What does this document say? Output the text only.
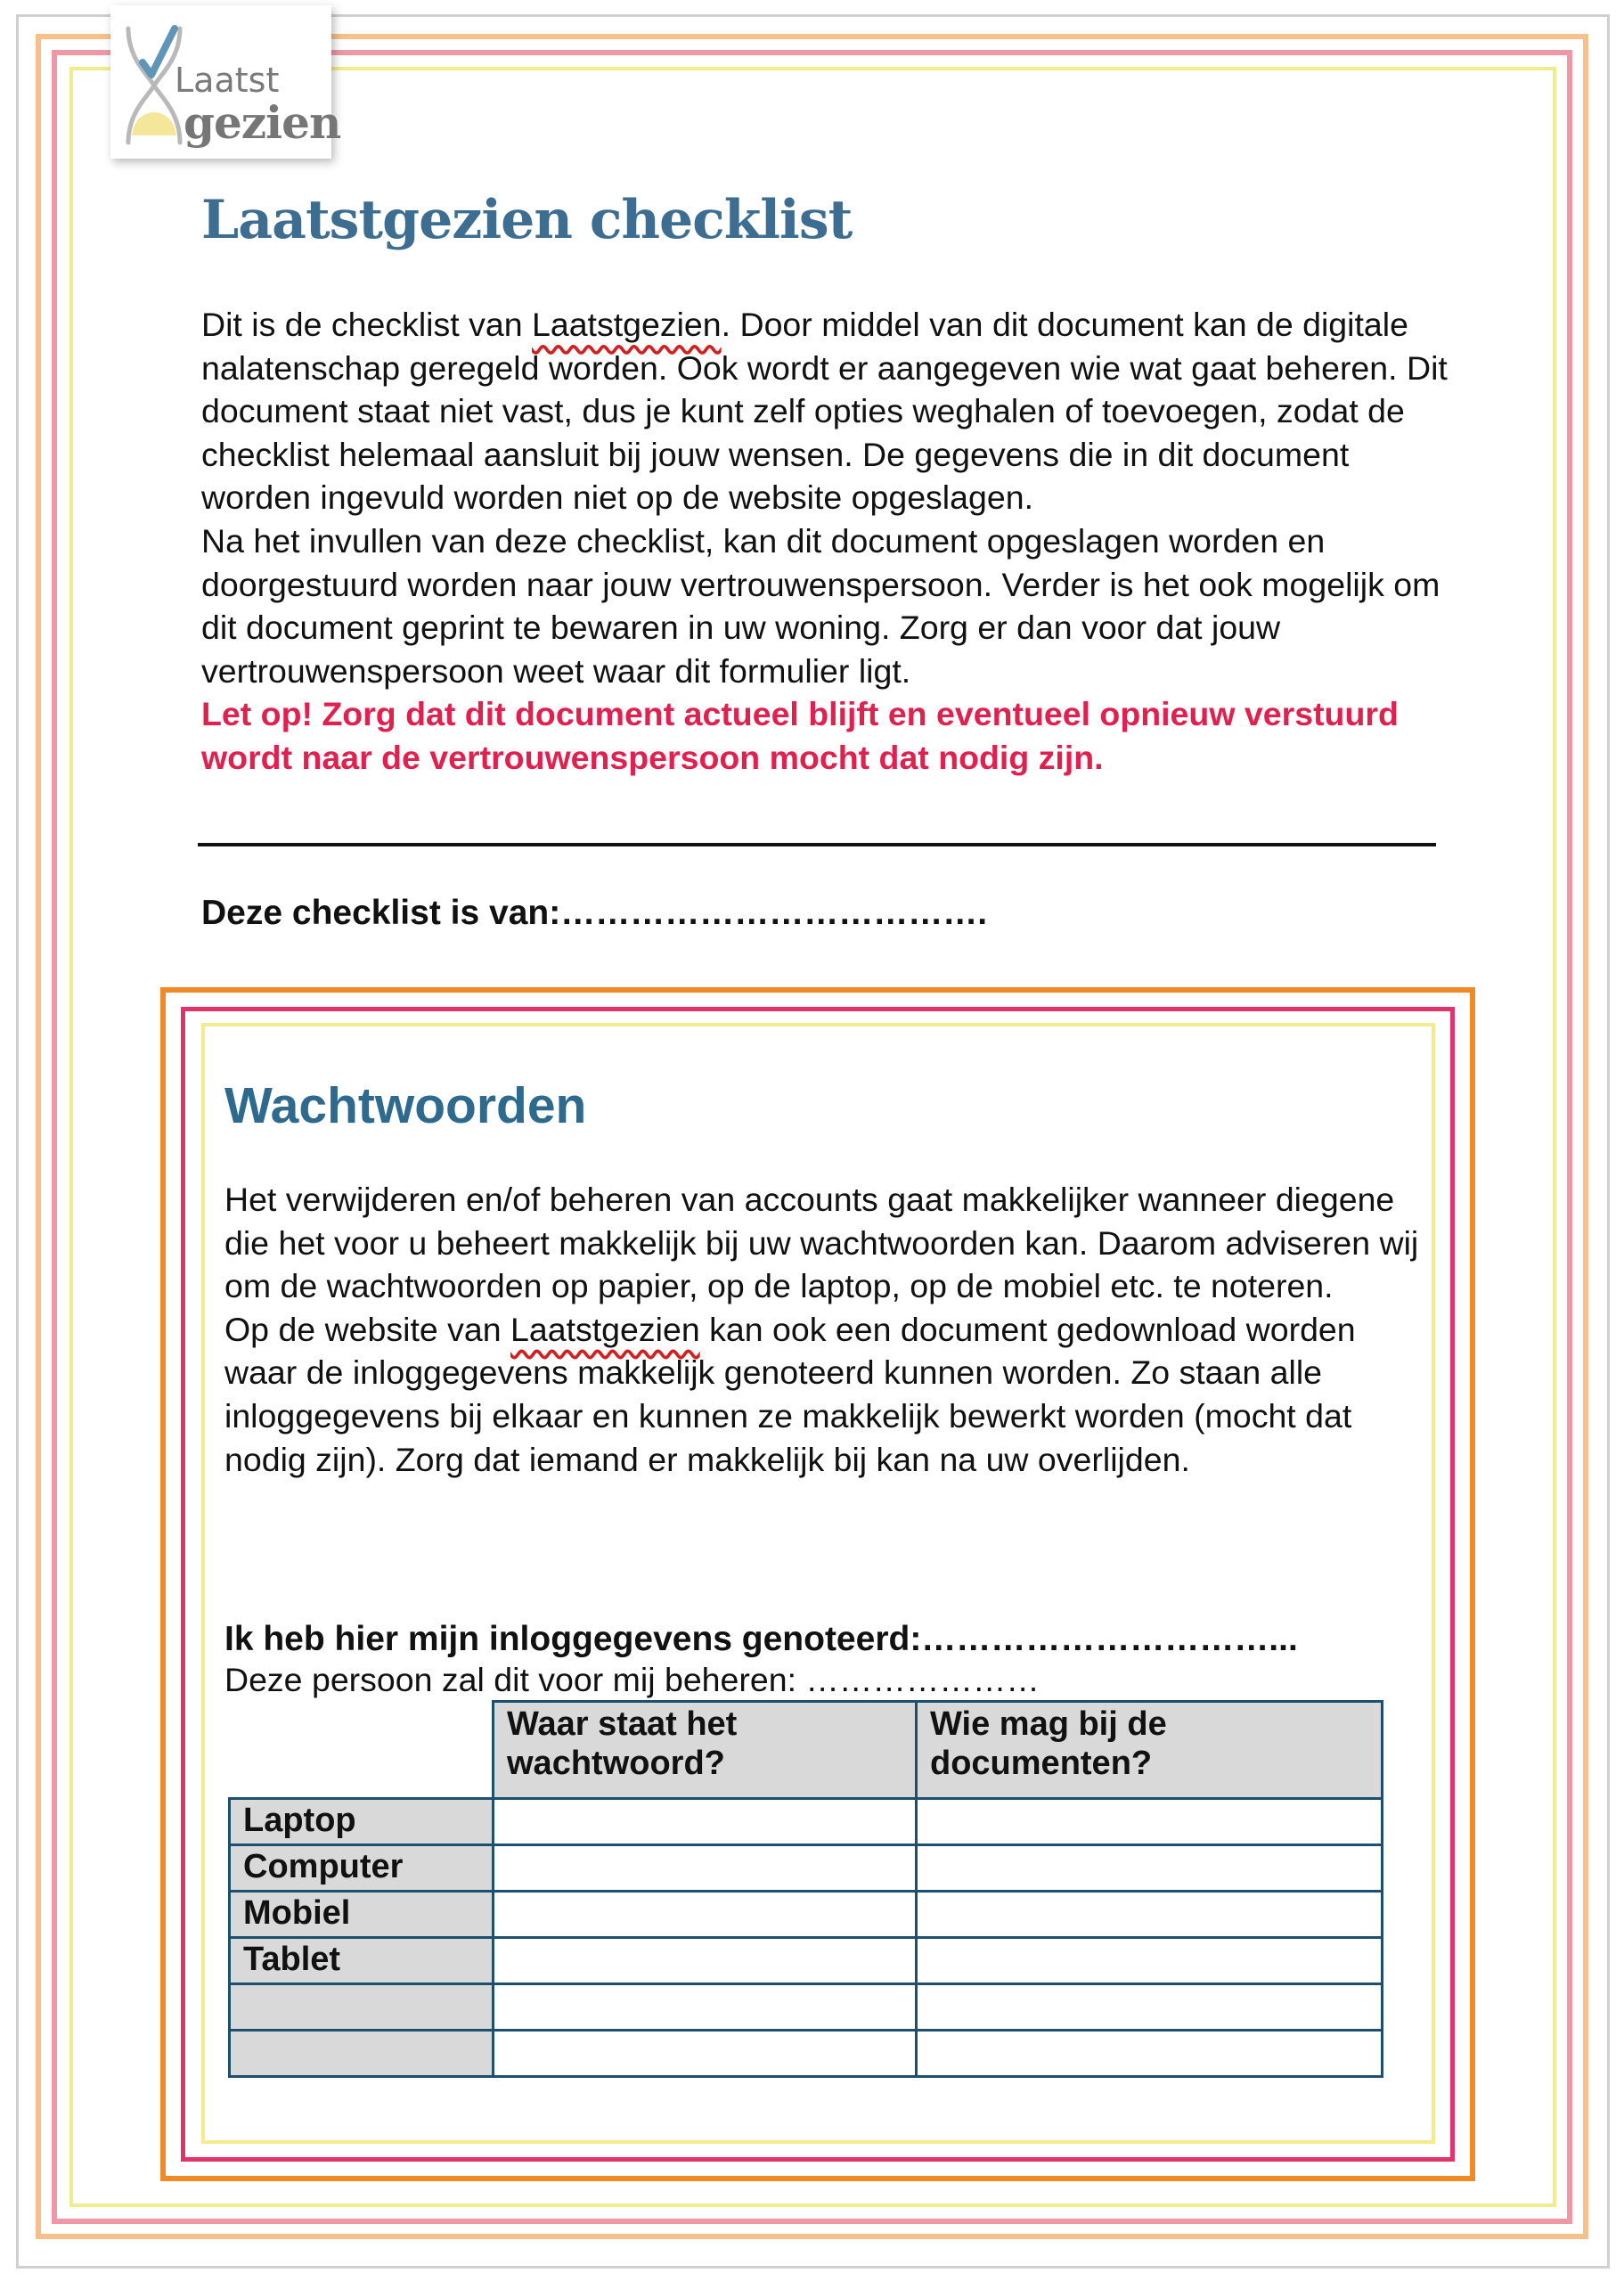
Laatst
gezien
Laatstgezien checklist

Dit is de checklist van Laatstgezien. Door middel van dit document kan de digitale nalatenschap geregeld worden. Ook wordt er aangegeven wie wat gaat beheren. Dit document staat niet vast, dus je kunt zelf opties weghalen of toevoegen, zodat de checklist helemaal aansluit bij jouw wensen. De gegevens die in dit document worden ingevuld worden niet op de website opgeslagen.

Na het invullen van deze checklist, kan dit document opgeslagen worden en doorgestuurd worden naar jouw vertrouwenspersoon. Verder is het ook mogelijk om dit document geprint te bewaren in uw woning. Zorg er dan voor dat jouw vertrouwenspersoon weet waar dit formulier ligt.

Let op! Zorg dat dit document actueel blijft en eventueel opnieuw verstuurd wordt naar de vertrouwenspersoon mocht dat nodig zijn.

Deze checklist is van:……………………………….
Wachtwoorden

Het verwijderen en/of beheren van accounts gaat makkelijker wanneer diegene die het voor u beheert makkelijk bij uw wachtwoorden kan. Daarom adviseren wij om de wachtwoorden op papier, op de laptop, op de mobiel etc. te noteren.

Op de website van Laatstgezien kan ook een document gedownload worden waar de inloggegevens makkelijk genoteerd kunnen worden. Zo staan alle inloggegevens bij elkaar en kunnen ze makkelijk bewerkt worden (mocht dat nodig zijn). Zorg dat iemand er makkelijk bij kan na uw overlijden.

Ik heb hier mijn inloggegevens genoteerd:…………………………...
Deze persoon zal dit voor mij beheren: …………………
	Waar staat het wachtwoord?	Wie mag bij de documenten?
Laptop		
Computer		
Mobiel		
Tablet		
